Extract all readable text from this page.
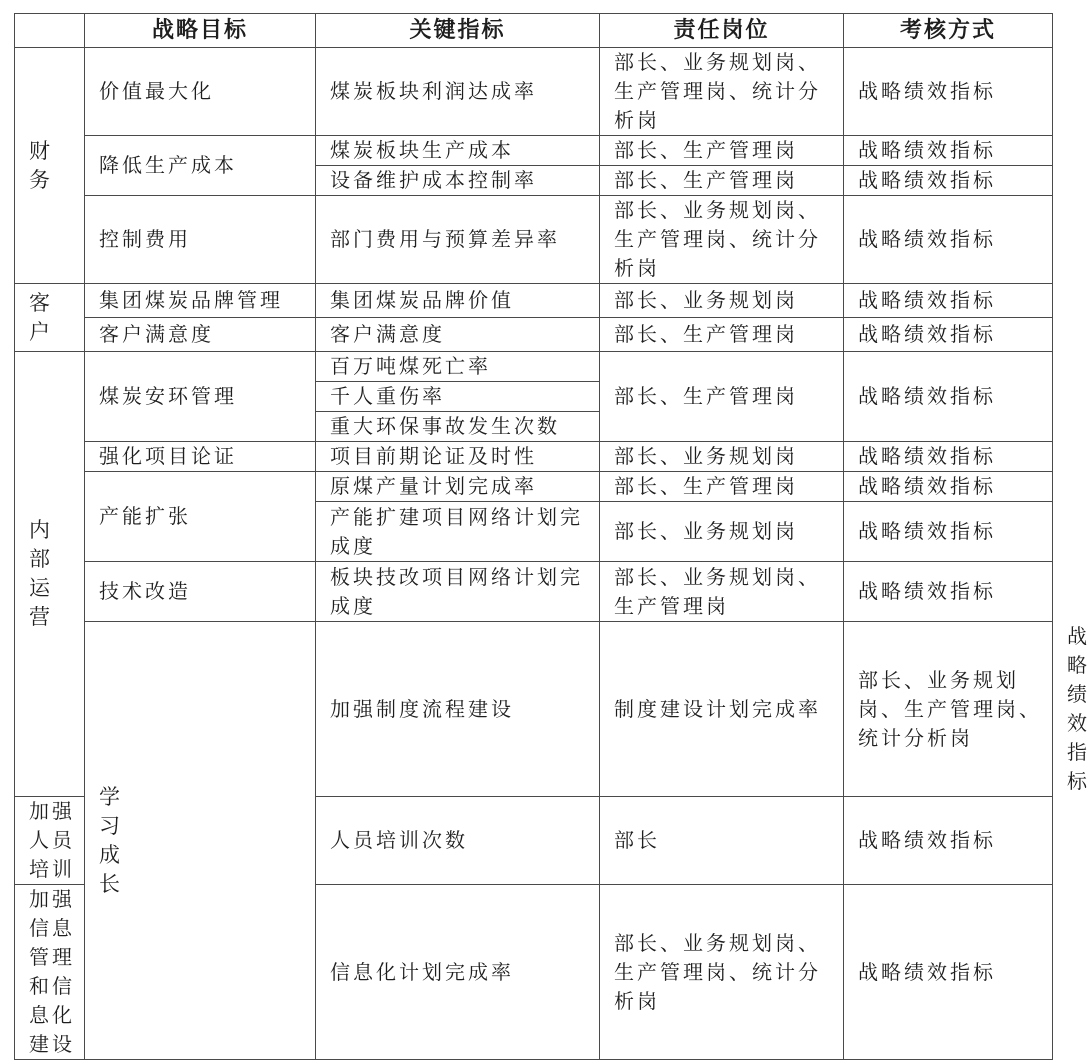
	战略目标	关键指标	责任岗位	考核方式	
财务	价值最大化	煤炭板块利润达成率	部长、业务规划岗、生产管理岗、统计分析岗	战略绩效指标	
	降低生产成本	煤炭板块生产成本	部长、生产管理岗	战略绩效指标	
		设备维护成本控制率	部长、生产管理岗	战略绩效指标	
	控制费用	部门费用与预算差异率	部长、业务规划岗、生产管理岗、统计分析岗	战略绩效指标	
客户	集团煤炭品牌管理	集团煤炭品牌价值	部长、业务规划岗	战略绩效指标	
	客户满意度	客户满意度	部长、生产管理岗	战略绩效指标	
内部运营	煤炭安环管理	百万吨煤死亡率	部长、生产管理岗	战略绩效指标	
		千人重伤率			
		重大环保事故发生次数			
	强化项目论证	项目前期论证及时性	部长、业务规划岗	战略绩效指标	
	产能扩张	原煤产量计划完成率	部长、生产管理岗	战略绩效指标	
		产能扩建项目网络计划完成度	部长、业务规划岗	战略绩效指标	
	技术改造	板块技改项目网络计划完成度	部长、业务规划岗、生产管理岗	战略绩效指标	
	学习成长	加强制度流程建设	制度建设计划完成率	部长、业务规划岗、生产管理岗、统计分析岗	战略绩效指标
加强人员培训		人员培训次数	部长	战略绩效指标	
加强信息管理和信息化建设		信息化计划完成率	部长、业务规划岗、生产管理岗、统计分析岗	战略绩效指标	
